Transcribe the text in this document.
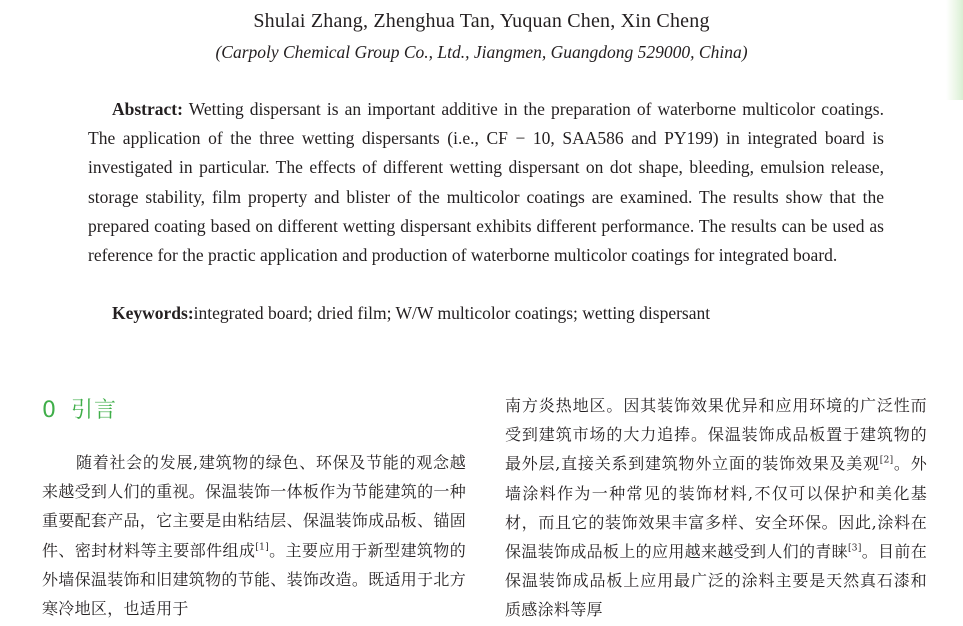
Shulai Zhang, Zhenghua Tan, Yuquan Chen, Xin Cheng
(Carpoly Chemical Group Co., Ltd., Jiangmen, Guangdong 529000, China)
Abstract: Wetting dispersant is an important additive in the preparation of waterborne multicolor coatings. The application of the three wetting dispersants (i.e., CF − 10, SAA586 and PY199) in integrated board is investigated in particular. The effects of different wetting dispersant on dot shape, bleeding, emulsion release, storage stability, film property and blister of the multicolor coatings are examined. The results show that the prepared coating based on different wetting dispersant exhibits different performance. The results can be used as reference for the practic application and production of waterborne multicolor coatings for integrated board.
Keywords:integrated board; dried film; W/W multicolor coatings; wetting dispersant
0 引言
随着社会的发展,建筑物的绿色、环保及节能的观念越来越受到人们的重视。保温装饰一体板作为节能建筑的一种重要配套产品，它主要是由粘结层、保温装饰成品板、锚固件、密封材料等主要部件组成[1]。主要应用于新型建筑物的外墙保温装饰和旧建筑物的节能、装饰改造。既适用于北方寒冷地区，也适用于
南方炎热地区。因其装饰效果优异和应用环境的广泛性而受到建筑市场的大力追捧。保温装饰成品板置于建筑物的最外层,直接关系到建筑物外立面的装饰效果及美观[2]。外墙涂料作为一种常见的装饰材料,不仅可以保护和美化基材，而且它的装饰效果丰富多样、安全环保。因此,涂料在保温装饰成品板上的应用越来越受到人们的青睐[3]。目前在保温装饰成品板上应用最广泛的涂料主要是天然真石漆和质感涂料等厚
